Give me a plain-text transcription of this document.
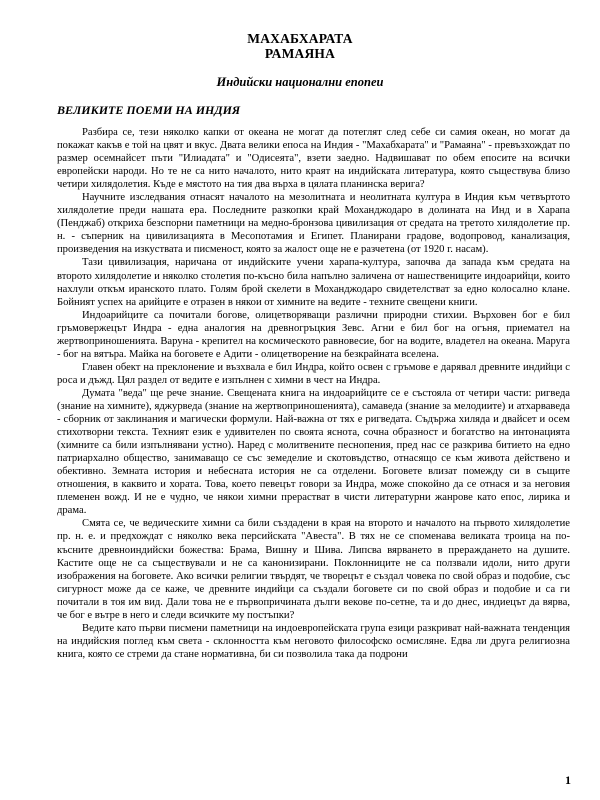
МАХАБХАРАТА
РАМАЯНА
Индийски национални епопеи
ВЕЛИКИТЕ ПОЕМИ НА ИНДИЯ

Разбира се, тези няколко капки от океана не могат да потеглят след себе си самия океан, но могат да покажат какъв е той на цвят и вкус. Двата велики епоса на Индия - "Махабхарата" и "Рамаяна" - превъзхождат по размер осемнайсет пъти "Илиадата" и "Одисеята", взети заедно. Надвишават по обем епосите на всички европейски народи. Но те не са нито началото, нито краят на индийската литература, която съществува близо четири хилядолетия. Къде е мястото на тия два върха в цялата планинска верига?

Научните изследвания отнасят началото на мезолитната и неолитната култура в Индия към четвъртото хилядолетие преди нашата ера. Последните разкопки край Моханджодаро в долината на Инд и в Харапа (Пенджаб) откриха безспорни паметници на медно-бронзова цивилизация от средата на третото хилядолетие пр. н. - съперник на цивилизацията в Месопотамия и Египет. Планирани градове, водопровод, канализация, произведения на изкуствата и писменост, която за жалост още не е разчетена (от 1920 г. насам).

Тази цивилизация, наричана от индийските учени харапа-култура, започва да запада към средата на второто хилядолетие и няколко столетия по-късно била напълно заличена от нашествениците индоарийци, които нахлули откъм иранското плато. Голям брой скелети в Моханджодаро свидетелстват за едно колосално клане. Бойният успех на арийците е отразен в някои от химните на ведите - техните свещени книги.

Индоарийците са почитали богове, олицетворяващи различни природни стихии. Върховен бог е бил гръмовержецът Индра - една аналогия на древногръцкия Зевс. Агни е бил бог на огъня, приемател на жертвоприношенията. Варуна - крепител на космическото равновесие, бог на водите, владетел на океана. Маруга - бог на вятъра. Майка на боговете е Адити - олицетворение на безкрайната вселена.

Главен обект на преклонение и възхвала е бил Индра, който освен с гръмове е дарявал древните индийци с роса и дъжд. Цял раздел от ведите е изпълнен с химни в чест на Индра.

Думата "веда" ще рече знание. Свещената книга на индоарийците се е състояла от четири части: ригведа (знание на химните), яджурведа (знание на жертвоприношенията), самаведа (знание за мелодиите) и атхарваведа - сборник от заклинания и магически формули. Най-важна от тях е ригведата. Съдържа хиляда и двайсет и осем стихотворни текста. Техният език е удивителен по своята яснота, сочна образност и богатство на интонацията (химните са били изпълнявани устно). Наред с молитвените песнопения, пред нас се разкрива битието на едно патриархално общество, занимаващо се със земеделие и скотовъдство, отнасящо се към живота действено и обективно. Земната история и небесната история не са отделени. Боговете влизат помежду си в същите отношения, в каквито и хората. Това, което певецът говори за Индра, може спокойно да се отнася и за неговия племенен вожд. И не е чудно, че някои химни прерастват в чисти литературни жанрове като епос, лирика и драма.

Смята се, че ведическите химни са били създадени в края на второто и началото на първото хилядолетие пр. н. е. и предхождат с няколко века персийската "Авеста". В тях не се споменава великата троица на по-късните древноиндийски божества: Брама, Вишну и Шива. Липсва вярването в прераждането на душите. Кастите още не са съществували и не са канонизирани. Поклонниците не са ползвали идоли, нито други изображения на боговете. Ако всички религии твърдят, че творецът е създал човека по свой образ и подобие, със сигурност може да се каже, че древните индийци са създали боговете си по свой образ и подобие и са ги почитали в тоя им вид. Дали това не е първопричината дълги векове по-сетне, та и до днес, индиецът да вярва, че бог е вътре в него и следи всичките му постъпки?

Ведите като първи писмени паметници на индоевропейската група езици разкриват най-важната тенденция на индийския поглед към света - склонността към неговото философско осмисляне. Едва ли друга религиозна книга, която се стреми да стане нормативна, би си позволила така да подрони

1
